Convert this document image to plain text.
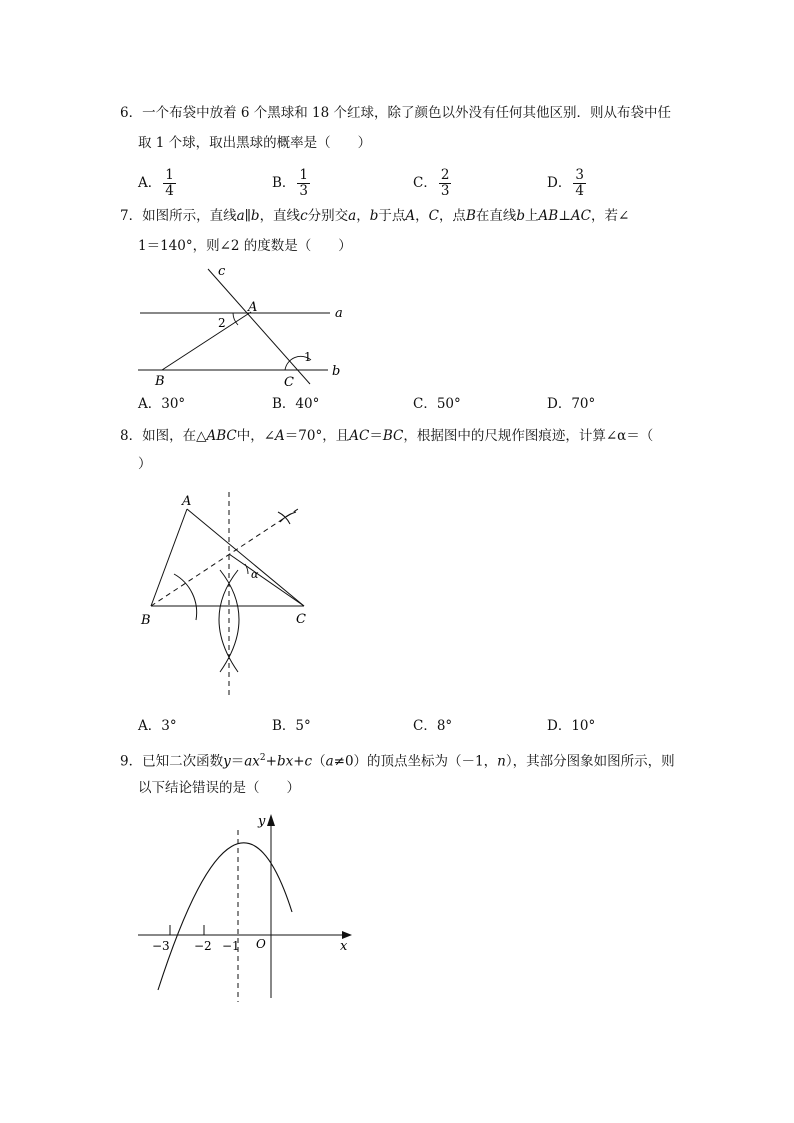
6．一个布袋中放着 6 个黑球和 18 个红球，除了颜色以外没有任何其他区别．则从布袋中任
取 1 个球，取出黑球的概率是（　　）
A． $\frac{1}{4}$	B． $\frac{1}{3}$	C． $\frac{2}{3}$	D． $\frac{3}{4}$
7．如图所示，直线a∥b，直线c分别交a，b于点A，C，点B在直线b上AB⊥AC，若∠
1＝140°，则∠2 的度数是（　　）
c
a
b
A
B	C
1
2
A．30°	B．40°	C．50°	D．70°
8．如图，在△ABC中，∠A＝70°，且AC＝BC，根据图中的尺规作图痕迹，计算∠α＝（
）
α
A
B	C
A．3°	B．5°	C．8°	D．10°
9．已知二次函数$y=ax^2+bx+c(a\ne 0)$的顶点坐标为（－1，n），其部分图象如图所示，则
以下结论错误的是（　　）
−3 −2 −1 O	x
y
